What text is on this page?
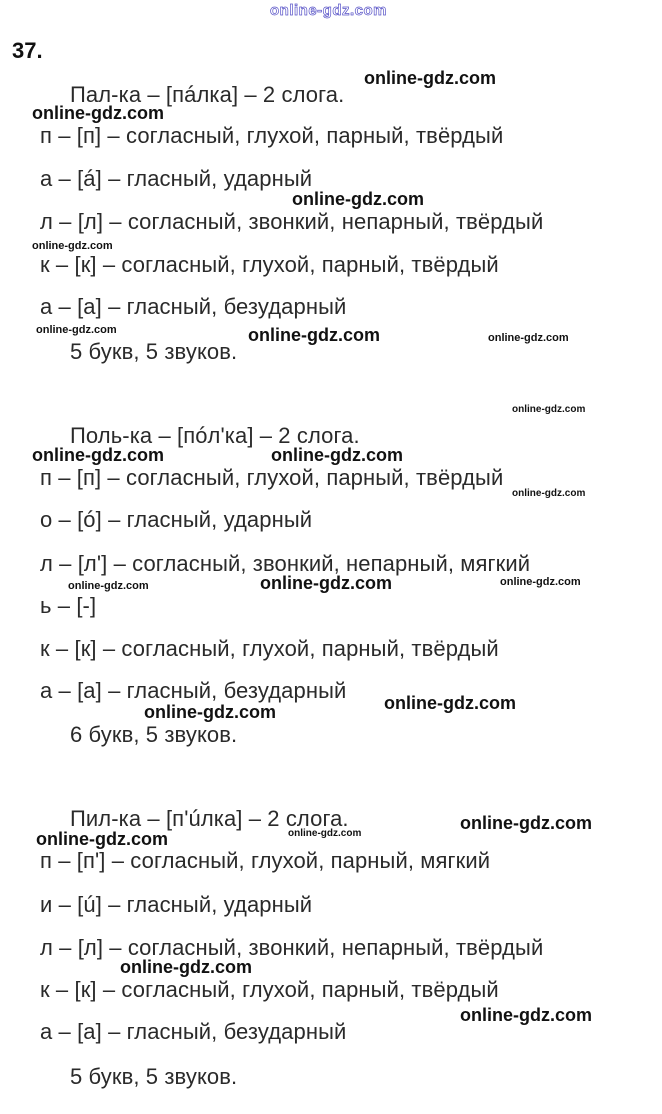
online-gdz.com
37.
Пал-ка – [пáлка] – 2 слога.
п – [п] – согласный, глухой, парный, твёрдый
а – [á] – гласный, ударный
л – [л] – согласный, звонкий, непарный, твёрдый
к – [к] – согласный, глухой, парный, твёрдый
а – [а] – гласный, безударный
5 букв, 5 звуков.
Поль-ка – [пóл'ка] – 2 слога.
п – [п] – согласный, глухой, парный, твёрдый
о – [ó] – гласный, ударный
л – [л'] – согласный, звонкий, непарный, мягкий
ь – [-]
к – [к] – согласный, глухой, парный, твёрдый
а – [а] – гласный, безударный
6 букв, 5 звуков.
Пил-ка – [п'úлка] – 2 слога.
п – [п'] – согласный, глухой, парный, мягкий
и – [ú] – гласный, ударный
л – [л] – согласный, звонкий, непарный, твёрдый
к – [к] – согласный, глухой, парный, твёрдый
а – [а] – гласный, безударный
5 букв, 5 звуков.
online-gdz.com
online-gdz.com
online-gdz.com
online-gdz.com
online-gdz.com	online-gdz.com	online-gdz.com
online-gdz.com
online-gdz.com	online-gdz.com
online-gdz.com
online-gdz.com
online-gdz.com	online-gdz.com
online-gdz.com
online-gdz.com
online-gdz.com
online-gdz.com
online-gdz.com
online-gdz.com
online-gdz.com
